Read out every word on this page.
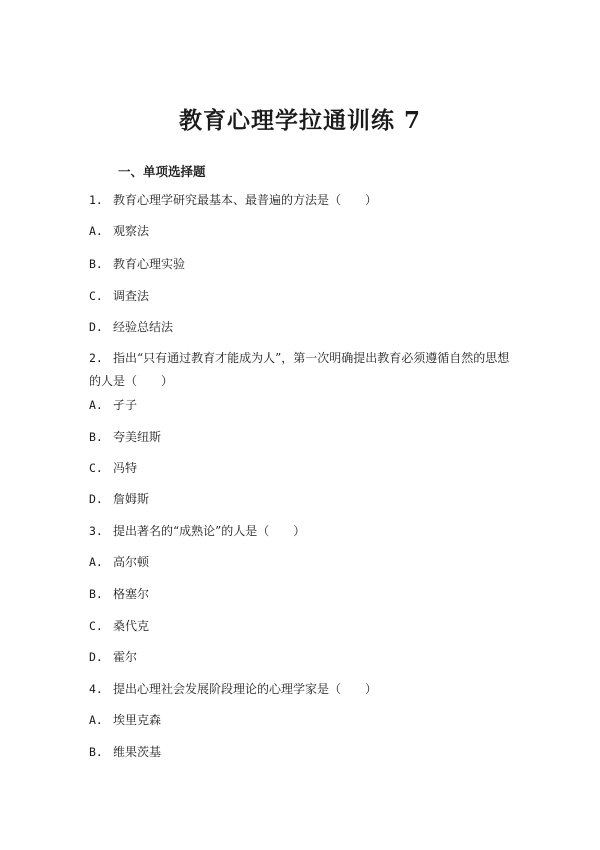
教育心理学拉通训练 7
一、单项选择题
1. 教育心理学研究最基本、最普遍的方法是（　　）
A. 观察法
B. 教育心理实验
C. 调查法
D. 经验总结法
2. 指出“只有通过教育才能成为人”，第一次明确提出教育必须遵循自然的思想
的人是（　　）
A. 孑子
B. 夸美纽斯
C. 冯特
D. 詹姆斯
3. 提出著名的“成熟论”的人是（　　）
A. 高尔顿
B. 格塞尔
C. 桑代克
D. 霍尔
4. 提出心理社会发展阶段理论的心理学家是（　　）
A. 埃里克森
B. 维果茨基
